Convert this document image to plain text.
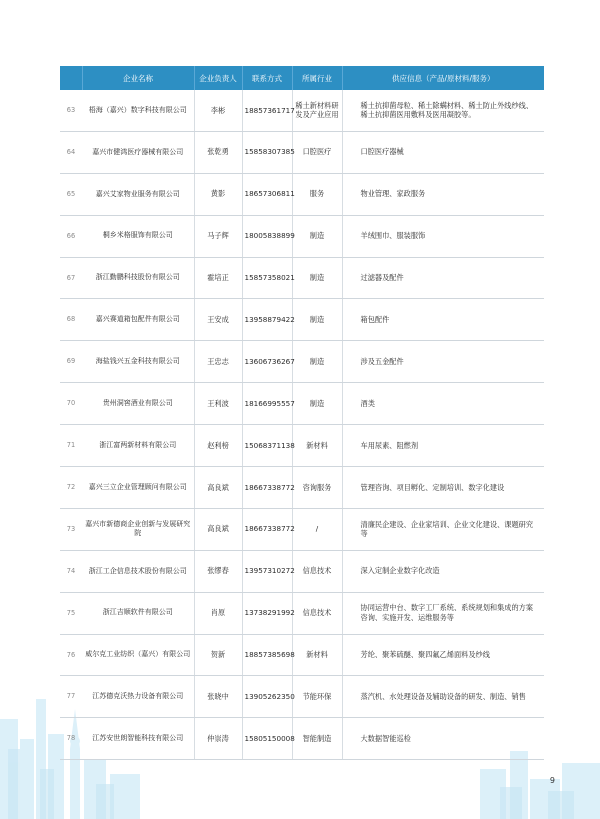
	企业名称	企业负责人	联系方式	所属行业	供应信息（产品/原材料/服务）
63	梧海（嘉兴）数字科技有限公司	李彬	18857361717	稀土新材料研发及产业应用	稀土抗抑菌母粒、稀土除螨材料、稀土防止外线纱线、稀土抗抑菌医用敷料及医用凝胶等。
64	嘉兴市健鸿医疗器械有限公司	张乾勇	15858307385	口腔医疗	口腔医疗器械
65	嘉兴艾家物业服务有限公司	黄影	18657306811	服务	物业管理、家政服务
66	桐乡米格服饰有限公司	马子辉	18005838899	制造	羊绒围巾、服装服饰
67	浙江勤鹏科技股份有限公司	霍培正	15857358021	制造	过滤器及配件
68	嘉兴赛道箱包配件有限公司	王安成	13958879422	制造	箱包配件
69	海盐钱兴五金科技有限公司	王忠志	13606736267	制造	涉及五金配件
70	贵州洞窖酒业有限公司	王利波	18166995557	制造	酒类
71	浙江富两新材料有限公司	赵利榜	15068371138	新材料	车用尿素、阻燃剂
72	嘉兴三立企业管理顾问有限公司	高良斌	18667338772	咨询服务	管理咨询、项目孵化、定制培训、数字化建设
73	嘉兴市新德商企业创新与发展研究院	高良斌	18667338772	/	清廉民企建设、企业家培训、企业文化建设、课题研究等
74	浙江工企信息技术股份有限公司	张缪春	13957310272	信息技术	深入定制企业数字化改造
75	浙江吉顺软件有限公司	肖原	13738291992	信息技术	协同运营中台、数字工厂系统、系统规划和集成的方案咨询、实施开发、运维服务等
76	威尔克工业纺织（嘉兴）有限公司	贺新	18857385698	新材料	芳纶、聚苯硫醚、聚四氟乙烯面料及纱线
77	江苏德克沃热力设备有限公司	张晓中	13905262350	节能环保	蒸汽机、水处理设备及辅助设备的研发、制造、销售
78	江苏安世朗智能科技有限公司	仲崇涛	15805150008	智能制造	大数据智能巡检
9
